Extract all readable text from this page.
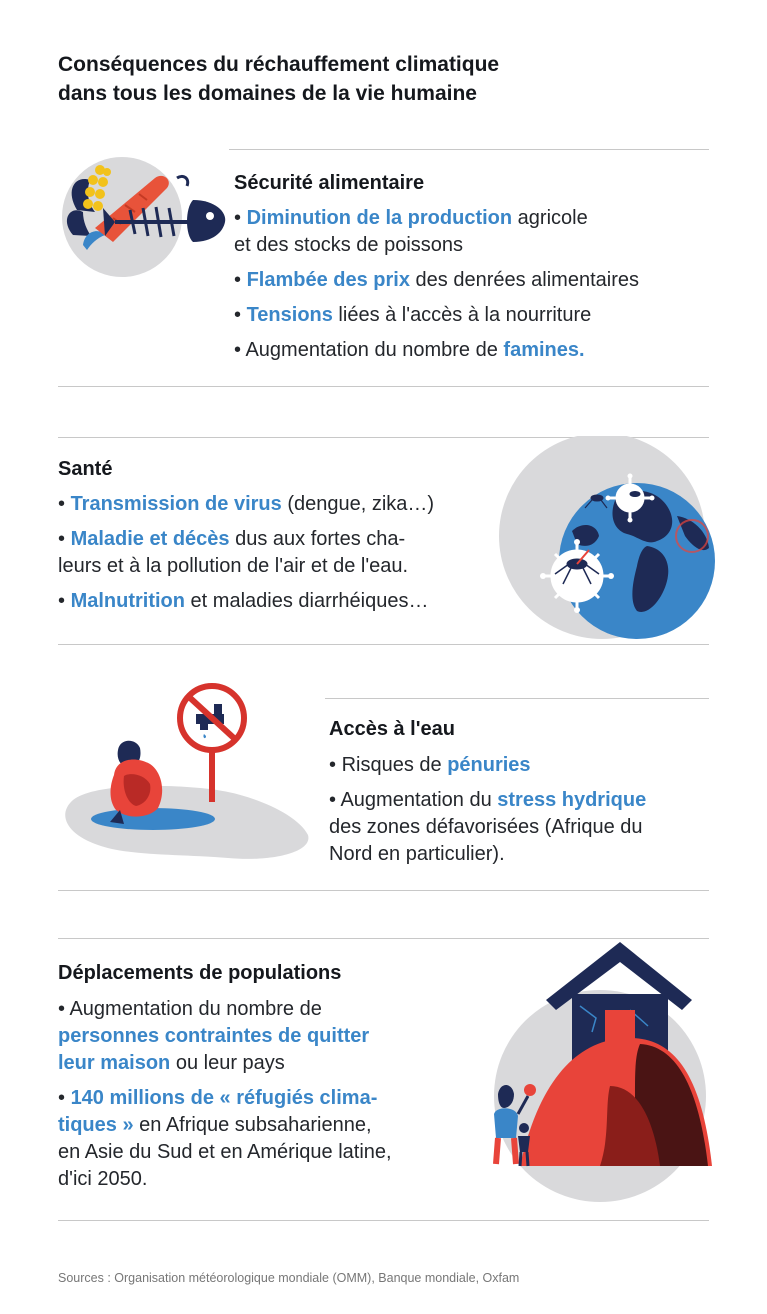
Conséquences du réchauffement climatique
dans tous les domaines de la vie humaine
Sécurité alimentaire
• Diminution de la production agricole
et des stocks de poissons
• Flambée des prix des denrées alimentaires
• Tensions liées à l'accès à la nourriture
• Augmentation du nombre de famines.
Santé
• Transmission de virus (dengue, zika…)
• Maladie et décès dus aux fortes cha-
leurs et à la pollution de l'air et de l'eau.
• Malnutrition et maladies diarrhéiques…
Accès à l'eau
• Risques de pénuries
• Augmentation du stress hydrique
des zones défavorisées (Afrique du
Nord en particulier).
Déplacements de populations
• Augmentation du nombre de
personnes contraintes de quitter
leur maison ou leur pays
• 140 millions de « réfugiés clima-
tiques » en Afrique subsaharienne,
en Asie du Sud et en Amérique latine,
d'ici 2050.
Sources : Organisation météorologique mondiale (OMM), Banque mondiale, Oxfam
